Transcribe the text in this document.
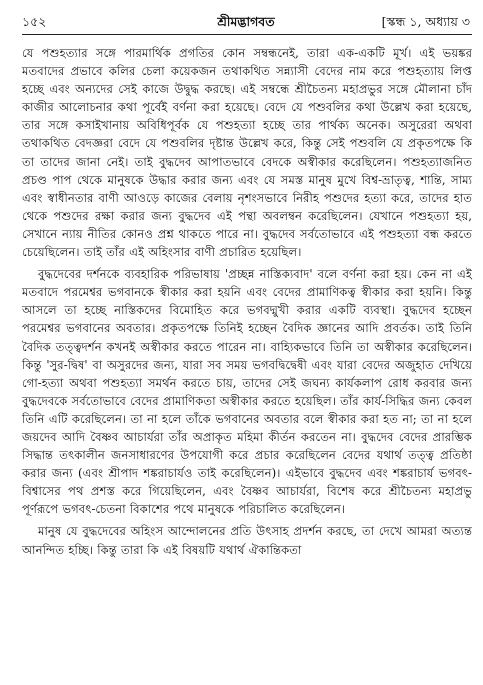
১৫২	শ্রীমদ্ভাগবত	[স্কন্ধ ১, অধ্যায় ৩

যে পশুহত্যার সঙ্গে পারমার্থিক প্রগতির কোন সম্বন্ধনেই, তারা এক-একটি মূর্খ। এই ভয়ঙ্কর মতবাদের প্রভাবে কলির চেলা কয়েকজন তথাকথিত সন্ন্যাসী বেদের নাম করে পশুহত্যায় লিপ্ত হচ্ছে এবং অন্যদের সেই কাজে উদ্বুদ্ধ করছে। এই সম্বন্ধে শ্রীচৈতন্য মহাপ্রভুর সঙ্গে মৌলানা চাঁদ কাজীর আলোচনার কথা পূর্বেই বর্ণনা করা হয়েছে। বেদে যে পশুবলির কথা উল্লেখ করা হয়েছে, তার সঙ্গে কসাইখানায় অবিধিপূর্বক যে পশুহত্যা হচ্ছে তার পার্থক্য অনেক। অসুরেরা অথবা তথাকথিত বেদজ্ঞরা বেদে যে পশুবলির দৃষ্টান্ত উল্লেখ করে, কিন্তু সেই পশুবলি যে প্রকৃতপক্ষে কি তা তাদের জানা নেই। তাই বুদ্ধদেব আপাতভাবে বেদকে অস্বীকার করেছিলেন। পশুহত্যাজনিত প্রচণ্ড পাপ থেকে মানুষকে উদ্ধার করার জন্য এবং যে সমস্ত মানুষ মুখে বিশ্ব-ভ্রাতৃত্ব, শান্তি, সাম্য এবং স্বাধীনতার বাণী আওড়ে কাজের বেলায় নৃশংসভাবে নিরীহ পশুদের হত্যা করে, তাদের হাত থেকে পশুদের রক্ষা করার জন্য বুদ্ধদেব এই পন্থা অবলম্বন করেছিলেন। যেখানে পশুহত্যা হয়, সেখানে ন্যায় নীতির কোনও প্রশ্ন থাকতে পারে না। বুদ্ধদেব সর্বতোভাবে এই পশুহত্যা বন্ধ করতে চেয়েছিলেন। তাই তাঁর এই অহিংসার বাণী প্রচারিত হয়েছিল।

বুদ্ধদেবের দর্শনকে ব্যবহারিক পরিভাষায় 'প্রচ্ছন্ন নাস্তিক্যবাদ' বলে বর্ণনা করা হয়। কেন না এই মতবাদে পরমেশ্বর ভগবানকে স্বীকার করা হয়নি এবং বেদের প্রামাণিকত্ব স্বীকার করা হয়নি। কিন্তু আসলে তা হচ্ছে নাস্তিকদের বিমোহিত করে ভগবদ্মুখী করার একটি ব্যবস্থা। বুদ্ধদেব হচ্ছেন পরমেশ্বর ভগবানের অবতার। প্রকৃতপক্ষে তিনিই হচ্ছেন বৈদিক জ্ঞানের আদি প্রবর্তক। তাই তিনি বৈদিক তত্ত্বদর্শন কখনই অস্বীকার করতে পারেন না। বাহ্যিকভাবে তিনি তা অস্বীকার করেছিলেন। কিন্তু 'সুর-দ্বিষ' বা অসুরদের জন্য, যারা সব সময় ভগবদ্বিদ্বেষী এবং যারা বেদের অজুহাত দেখিয়ে গো-হত্যা অথবা পশুহত্যা সমর্থন করতে চায়, তাদের সেই জঘন্য কার্যকলাপ রোধ করবার জন্য বুদ্ধদেবকে সর্বতোভাবে বেদের প্রামাণিকতা অস্বীকার করতে হয়েছিল। তাঁর কার্য-সিদ্ধির জন্য কেবল তিনি এটি করেছিলেন। তা না হলে তাঁকে ভগবানের অবতার বলে স্বীকার করা হত না; তা না হলে জয়দেব আদি বৈষ্ণব আচার্যরা তাঁর অপ্রাকৃত মহিমা কীর্তন করতেন না। বুদ্ধদেব বেদের প্রারম্ভিক সিদ্ধান্ত তৎকালীন জনসাধারণের উপযোগী করে প্রচার করেছিলেন বেদের যথার্থ তত্ত্ব প্রতিষ্ঠা করার জন্য (এবং শ্রীপাদ শঙ্করাচার্যও তাই করেছিলেন)। এইভাবে বুদ্ধদেব এবং শঙ্করাচার্য ভগবৎ-বিশ্বাসের পথ প্রশস্ত করে গিয়েছিলেন, এবং বৈষ্ণব আচার্যরা, বিশেষ করে শ্রীচৈতন্য মহাপ্রভু পূর্ণরূপে ভগবৎ-চেতনা বিকাশের পথে মানুষকে পরিচালিত করেছিলেন।

মানুষ যে বুদ্ধদেবের অহিংস আন্দোলনের প্রতি উৎসাহ প্রদর্শন করছে, তা দেখে আমরা অত্যন্ত আনন্দিত হচ্ছি। কিন্তু তারা কি এই বিষয়টি যথার্থ ঐকান্তিকতা
